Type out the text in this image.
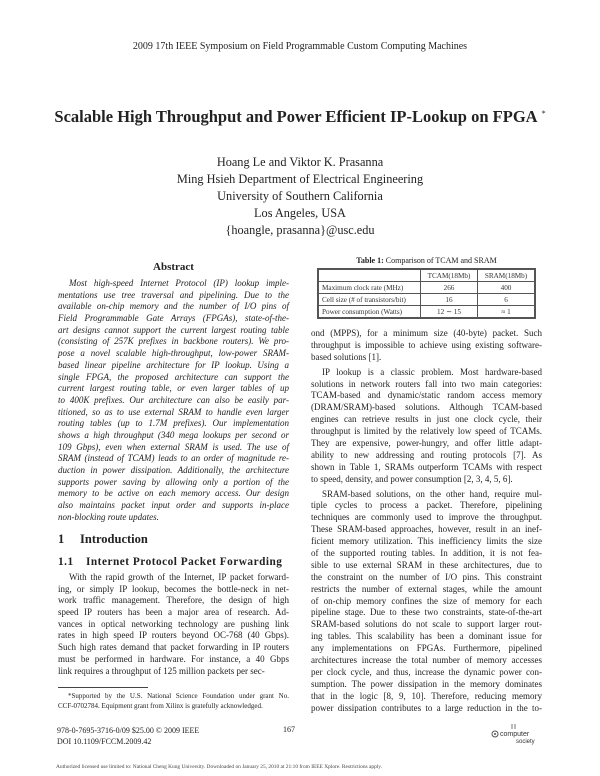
2009 17th IEEE Symposium on Field Programmable Custom Computing Machines
Scalable High Throughput and Power Efficient IP-Lookup on FPGA *
Hoang Le and Viktor K. Prasanna
Ming Hsieh Department of Electrical Engineering
University of Southern California
Los Angeles, USA
{hoangle, prasanna}@usc.edu
Abstract
Most high-speed Internet Protocol (IP) lookup imple-
mentations use tree traversal and pipelining. Due to the
available on-chip memory and the number of I/O pins of
Field Programmable Gate Arrays (FPGAs), state-of-the-
art designs cannot support the current largest routing table
(consisting of 257K prefixes in backbone routers). We pro-
pose a novel scalable high-throughput, low-power SRAM-
based linear pipeline architecture for IP lookup. Using a
single FPGA, the proposed architecture can support the
current largest routing table, or even larger tables of up
to 400K prefixes. Our architecture can also be easily par-
titioned, so as to use external SRAM to handle even larger
routing tables (up to 1.7M prefixes). Our implementation
shows a high throughput (340 mega lookups per second or
109 Gbps), even when external SRAM is used. The use of
SRAM (instead of TCAM) leads to an order of magnitude re-
duction in power dissipation. Additionally, the architecture
supports power saving by allowing only a portion of the
memory to be active on each memory access. Our design
also maintains packet input order and supports in-place
non-blocking route updates.
1 Introduction
1.1 Internet Protocol Packet Forwarding
With the rapid growth of the Internet, IP packet forward-
ing, or simply IP lookup, becomes the bottle-neck in net-
work traffic management. Therefore, the design of high
speed IP routers has been a major area of research. Ad-
vances in optical networking technology are pushing link
rates in high speed IP routers beyond OC-768 (40 Gbps).
Such high rates demand that packet forwarding in IP routers
must be performed in hardware. For instance, a 40 Gbps
link requires a throughput of 125 million packets per sec-
*Supported by the U.S. National Science Foundation under grant No.
CCF-0702784. Equipment grant from Xilinx is gratefully acknowledged.
Table 1: Comparison of TCAM and SRAM
	TCAM(18Mb)	SRAM(18Mb)
Maximum clock rate (MHz)	266	400
Cell size (# of transistors/bit)	16	6
Power consumption (Watts)	12 ∼ 15	≈ 1
ond (MPPS), for a minimum size (40-byte) packet. Such
throughput is impossible to achieve using existing software-
based solutions [1].
IP lookup is a classic problem. Most hardware-based
solutions in network routers fall into two main categories:
TCAM-based and dynamic/static random access memory
(DRAM/SRAM)-based solutions. Although TCAM-based
engines can retrieve results in just one clock cycle, their
throughput is limited by the relatively low speed of TCAMs.
They are expensive, power-hungry, and offer little adapt-
ability to new addressing and routing protocols [7]. As
shown in Table 1, SRAMs outperform TCAMs with respect
to speed, density, and power consumption [2, 3, 4, 5, 6].
SRAM-based solutions, on the other hand, require mul-
tiple cycles to process a packet. Therefore, pipelining
techniques are commonly used to improve the throughput.
These SRAM-based approaches, however, result in an inef-
ficient memory utilization. This inefficiency limits the size
of the supported routing tables. In addition, it is not fea-
sible to use external SRAM in these architectures, due to
the constraint on the number of I/O pins. This constraint
restricts the number of external stages, while the amount
of on-chip memory confines the size of memory for each
pipeline stage. Due to these two constraints, state-of-the-art
SRAM-based solutions do not scale to support larger rout-
ing tables. This scalability has been a dominant issue for
any implementations on FPGAs. Furthermore, pipelined
architectures increase the total number of memory accesses
per clock cycle, and thus, increase the dynamic power con-
sumption. The power dissipation in the memory dominates
that in the logic [8, 9, 10]. Therefore, reducing memory
power dissipation contributes to a large reduction in the to-
978-0-7695-3716-0/09 $25.00 © 2009 IEEE
DOI 10.1109/FCCM.2009.42
167
computer
society
Authorized licensed use limited to: National Cheng Kung University. Downloaded on January 25, 2010 at 21:10 from IEEE Xplore. Restrictions apply.
